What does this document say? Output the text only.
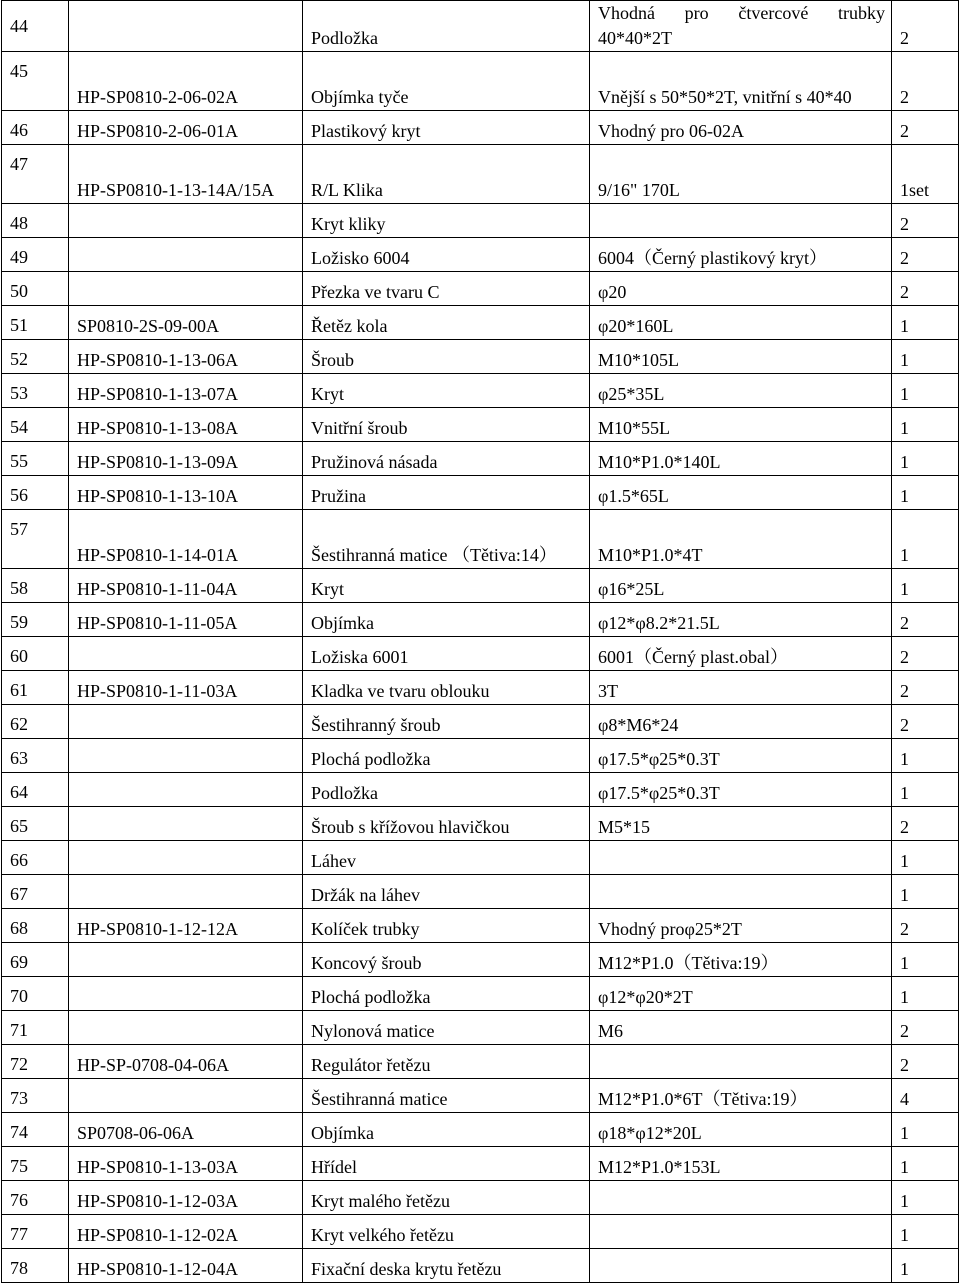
44		Podložka	Vhodná pro čtvercové trubky 40*40*2T	2
45	HP-SP0810-2-06-02A	Objímka tyče	Vnější s 50*50*2T, vnitřní s 40*40	2
46	HP-SP0810-2-06-01A	Plastikový kryt	Vhodný pro 06-02A	2
47	HP-SP0810-1-13-14A/15A	R/L Klika	9/16" 170L	1set
48		Kryt kliky		2
49		Ložisko 6004	6004（Černý plastikový kryt）	2
50		Přezka ve tvaru C	φ20	2
51	SP0810-2S-09-00A	Řetěz kola	φ20*160L	1
52	HP-SP0810-1-13-06A	Šroub	M10*105L	1
53	HP-SP0810-1-13-07A	Kryt	φ25*35L	1
54	HP-SP0810-1-13-08A	Vnitřní šroub	M10*55L	1
55	HP-SP0810-1-13-09A	Pružinová násada	M10*P1.0*140L	1
56	HP-SP0810-1-13-10A	Pružina	φ1.5*65L	1
57	HP-SP0810-1-14-01A	Šestihranná matice （Tětiva:14）	M10*P1.0*4T	1
58	HP-SP0810-1-11-04A	Kryt	φ16*25L	1
59	HP-SP0810-1-11-05A	Objímka	φ12*φ8.2*21.5L	2
60		Ložiska 6001	6001（Černý plast.obal）	2
61	HP-SP0810-1-11-03A	Kladka ve tvaru oblouku	3T	2
62		Šestihranný šroub	φ8*M6*24	2
63		Plochá podložka	φ17.5*φ25*0.3T	1
64		Podložka	φ17.5*φ25*0.3T	1
65		Šroub s křížovou hlavičkou	M5*15	2
66		Láhev		1
67		Držák na láhev		1
68	HP-SP0810-1-12-12A	Kolíček trubky	Vhodný proφ25*2T	2
69		Koncový šroub	M12*P1.0（Tětiva:19）	1
70		Plochá podložka	φ12*φ20*2T	1
71		Nylonová matice	M6	2
72	HP-SP-0708-04-06A	Regulátor řetězu		2
73		Šestihranná matice	M12*P1.0*6T（Tětiva:19）	4
74	SP0708-06-06A	Objímka	φ18*φ12*20L	1
75	HP-SP0810-1-13-03A	Hřídel	M12*P1.0*153L	1
76	HP-SP0810-1-12-03A	Kryt malého řetězu		1
77	HP-SP0810-1-12-02A	Kryt velkého řetězu		1
78	HP-SP0810-1-12-04A	Fixační deska krytu řetězu		1
